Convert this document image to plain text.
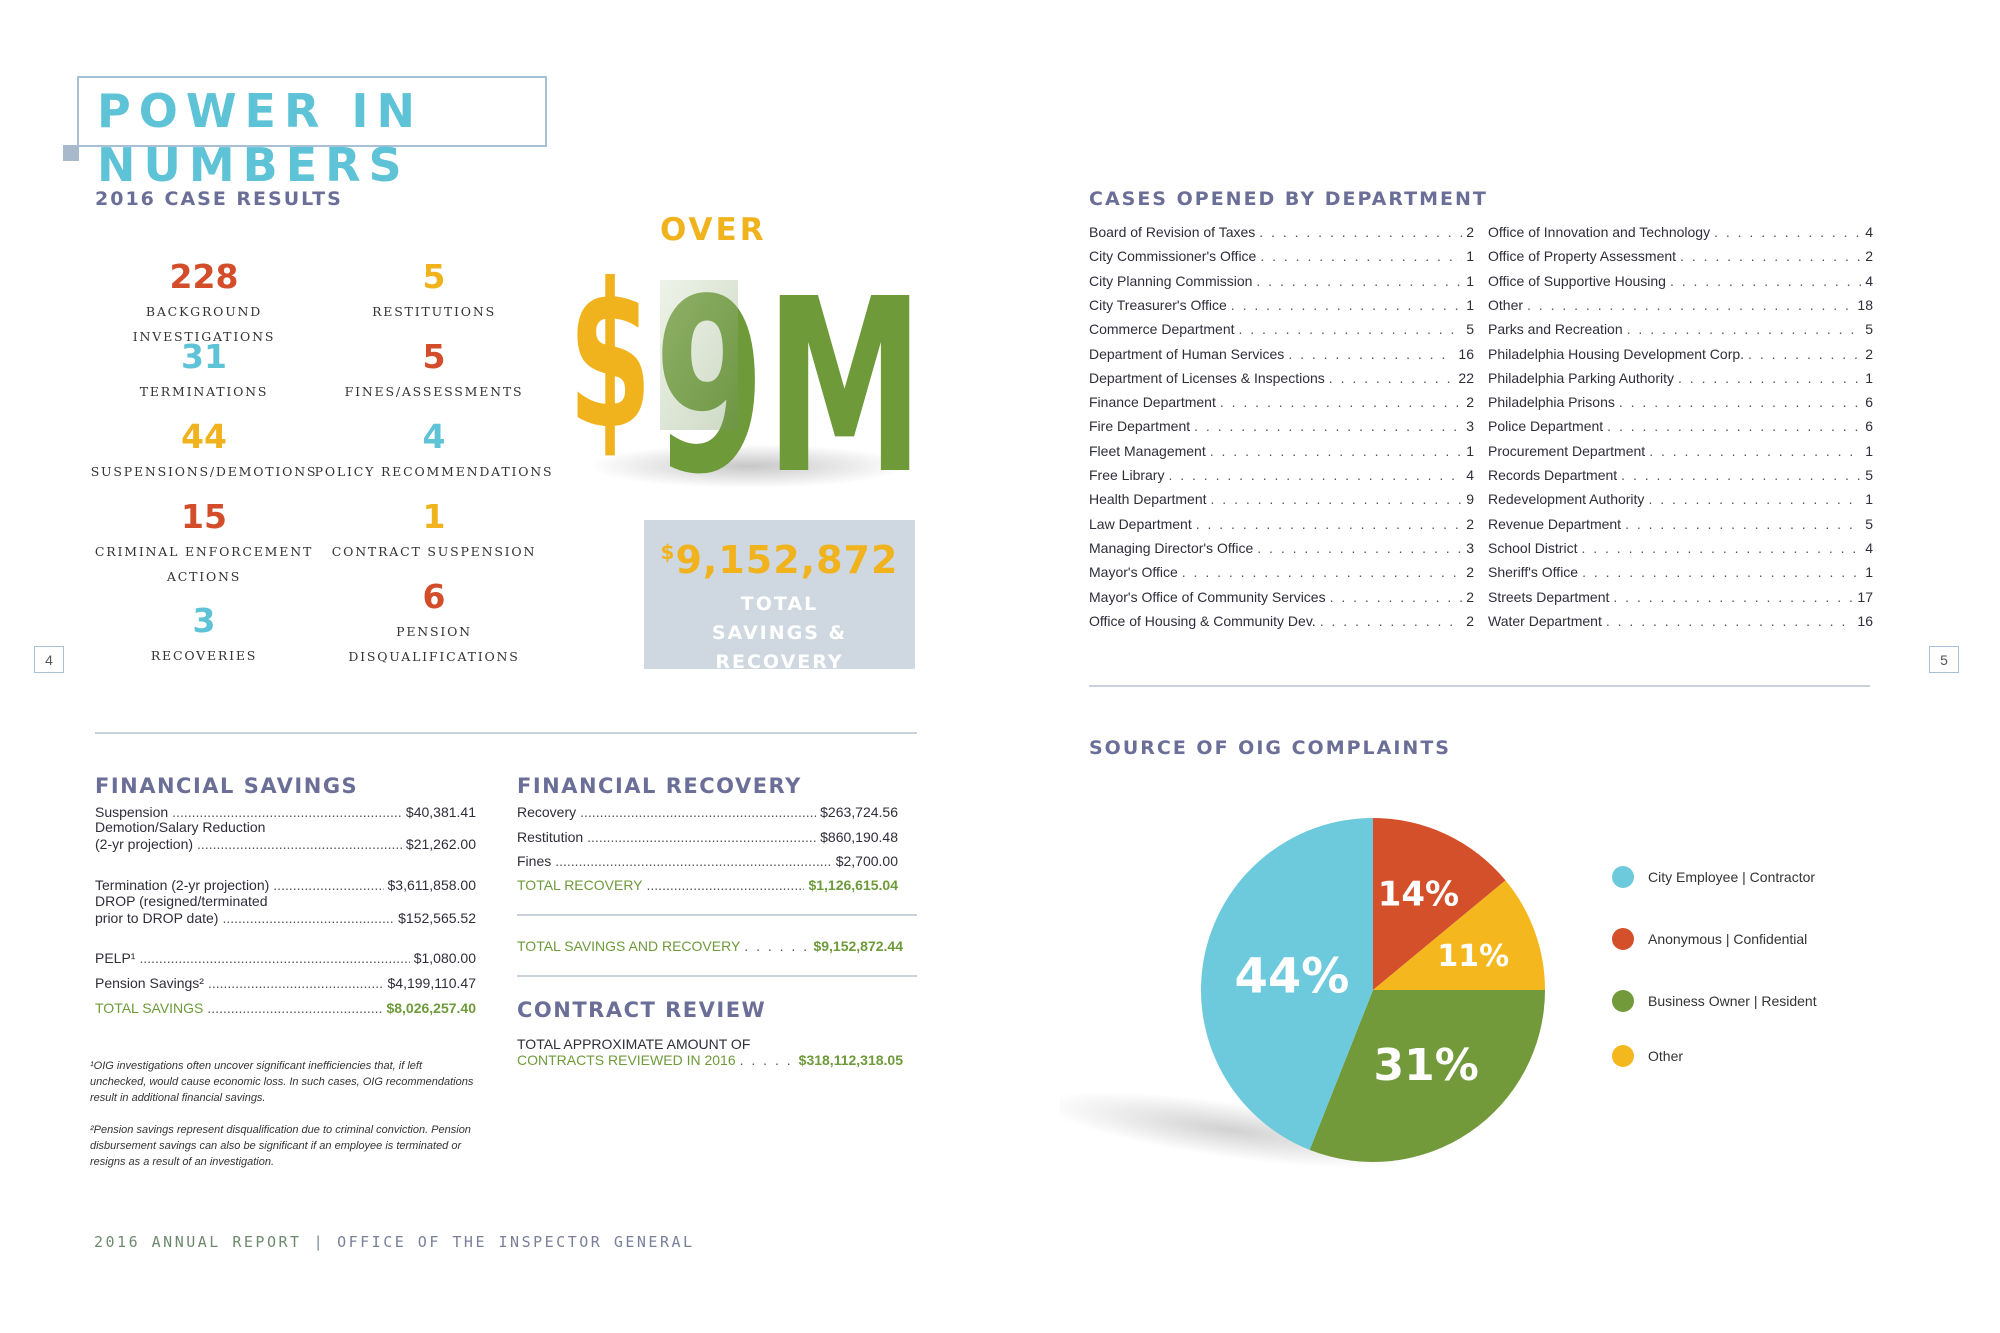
POWER IN NUMBERS
2016 CASE RESULTS
228
BACKGROUND INVESTIGATIONS
31
TERMINATIONS
44
SUSPENSIONS/DEMOTIONS
15
CRIMINAL ENFORCEMENT
ACTIONS
3
RECOVERIES
5
RESTITUTIONS
5
FINES/ASSESSMENTS
4
POLICY RECOMMENDATIONS
1
CONTRACT SUSPENSION
6
PENSION DISQUALIFICATIONS
OVER
$ 9M
$9,152,872
TOTAL
SAVINGS & RECOVERY
4	5
FINANCIAL SAVINGS
Suspension .....	$40,381.41
Demotion/Salary Reduction
(2-yr projection) .....	$21,262.00
Termination (2-yr projection) .....	$3,611,858.00
DROP (resigned/terminated
prior to DROP date) .....	$152,565.52
PELP¹ .....	$1,080.00
Pension Savings² .....	$4,199,110.47
TOTAL SAVINGS .....	$8,026,257.40
FINANCIAL RECOVERY
Recovery .....	$263,724.56
Restitution .....	$860,190.48
Fines .....	$2,700.00
TOTAL RECOVERY .....	$1,126,615.04
TOTAL SAVINGS AND RECOVERY . . .	$9,152,872.44
CONTRACT REVIEW
TOTAL APPROXIMATE AMOUNT OF
CONTRACTS REVIEWED IN 2016 . . .	$318,112,318.05
¹OIG investigations often uncover significant inefficiencies that, if left unchecked, would cause economic loss. In such cases, OIG recommendations result in additional financial savings.
²Pension savings represent disqualification due to criminal conviction. Pension disbursement savings can also be significant if an employee is terminated or resigns as a result of an investigation.
2016 ANNUAL REPORT | OFFICE OF THE INSPECTOR GENERAL
CASES OPENED BY DEPARTMENT
Board of Revision of Taxes . . .	2
City Commissioner's Office . . .	1
City Planning Commission . . .	1
City Treasurer's Office . . .	1
Commerce Department . . .	5
Department of Human Services . . .	16
Department of Licenses & Inspections . . .	22
Finance Department . . .	2
Fire Department . . .	3
Fleet Management . . .	1
Free Library . . .	4
Health Department . . .	9
Law Department . . .	2
Managing Director's Office . . .	3
Mayor's Office . . .	2
Mayor's Office of Community Services . . .	2
Office of Housing & Community Dev. . . .	2
Office of Innovation and Technology . . .	4
Office of Property Assessment . . .	2
Office of Supportive Housing . . .	4
Other . . .	18
Parks and Recreation . . .	5
Philadelphia Housing Development Corp. . . .	2
Philadelphia Parking Authority . . .	1
Philadelphia Prisons . . .	6
Police Department . . .	6
Procurement Department . . .	1
Records Department . . .	5
Redevelopment Authority . . .	1
Revenue Department . . .	5
School District . . .	4
Sheriff's Office . . .	1
Streets Department . . .	17
Water Department . . .	16
SOURCE OF OIG COMPLAINTS
14%
11%
31%
44%
City Employee | Contractor
Anonymous | Confidential
Business Owner | Resident
Other
